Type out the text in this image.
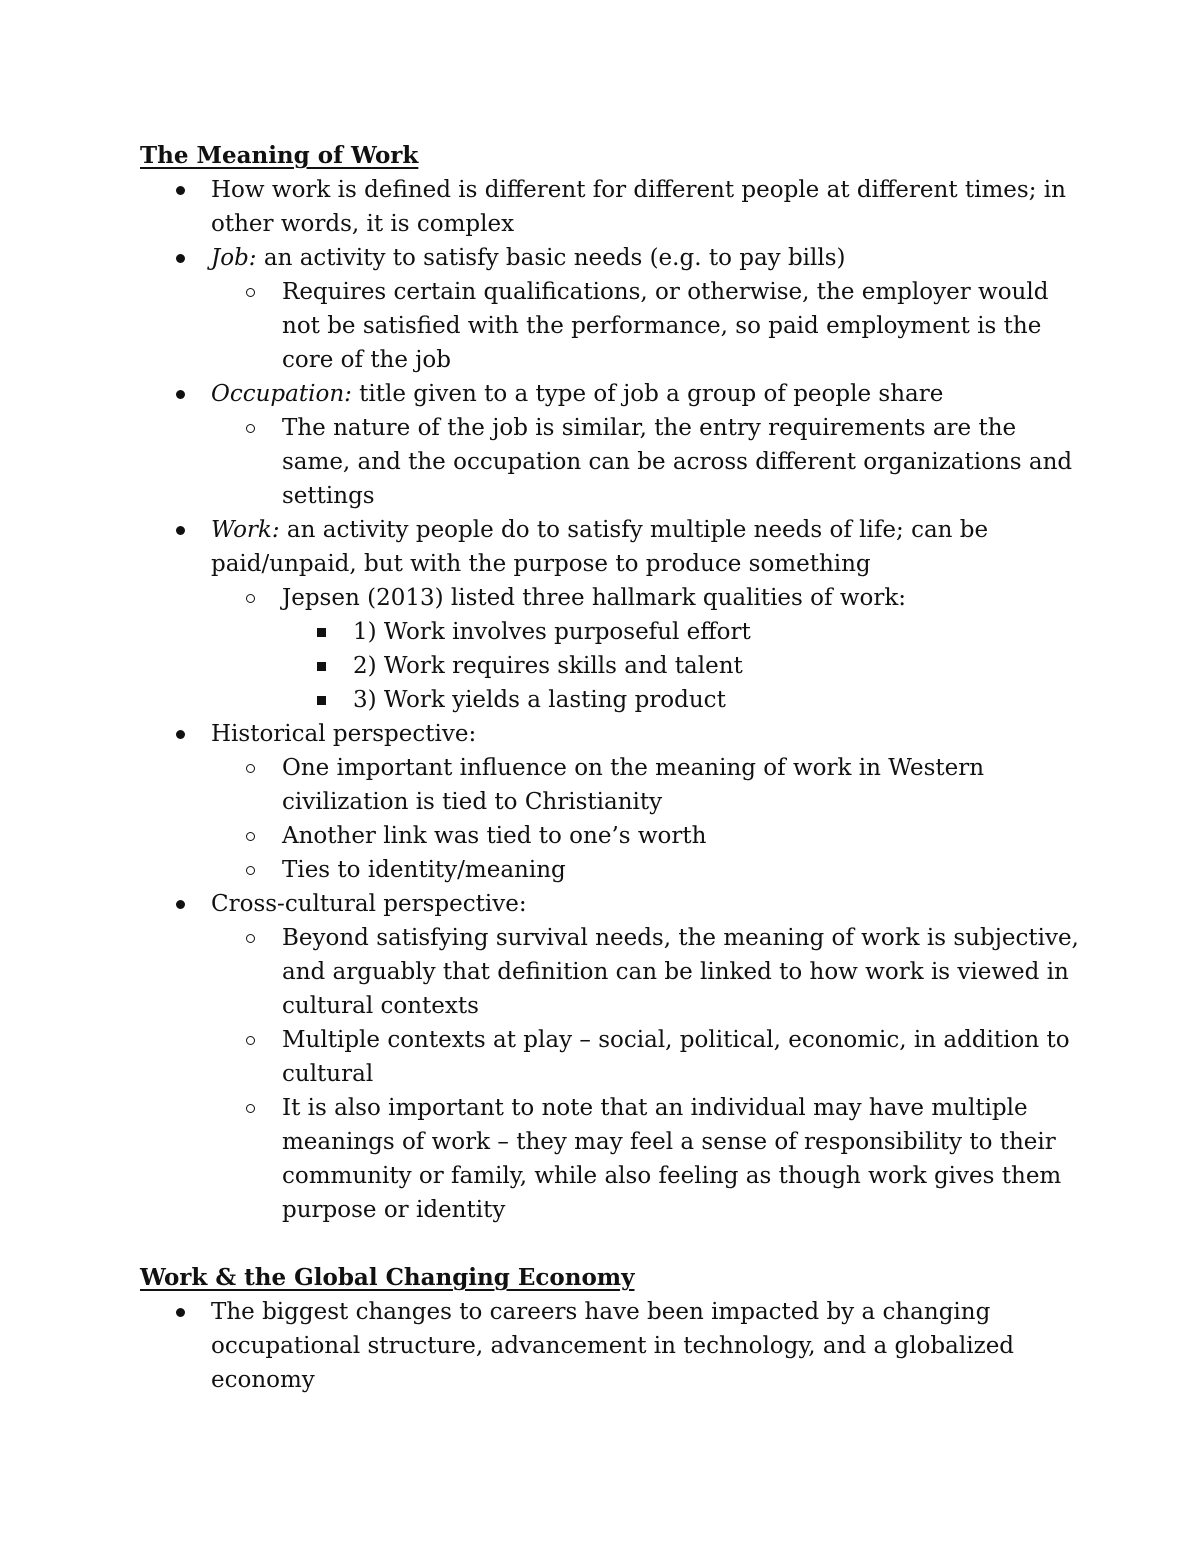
The Meaning of Work

How work is defined is different for different people at different times; in other words, it is complex
Job: an activity to satisfy basic needs (e.g. to pay bills)
Requires certain qualifications, or otherwise, the employer would not be satisfied with the performance, so paid employment is the core of the job
Occupation: title given to a type of job a group of people share
The nature of the job is similar, the entry requirements are the same, and the occupation can be across different organizations and settings
Work: an activity people do to satisfy multiple needs of life; can be paid/unpaid, but with the purpose to produce something
Jepsen (2013) listed three hallmark qualities of work:
1) Work involves purposeful effort
2) Work requires skills and talent
3) Work yields a lasting product
Historical perspective:
One important influence on the meaning of work in Western civilization is tied to Christianity
Another link was tied to one’s worth
Ties to identity/meaning
Cross-cultural perspective:
Beyond satisfying survival needs, the meaning of work is subjective, and arguably that definition can be linked to how work is viewed in cultural contexts
Multiple contexts at play – social, political, economic, in addition to cultural
It is also important to note that an individual may have multiple meanings of work – they may feel a sense of responsibility to their community or family, while also feeling as though work gives them purpose or identity

Work & the Global Changing Economy

The biggest changes to careers have been impacted by a changing occupational structure, advancement in technology, and a globalized economy
